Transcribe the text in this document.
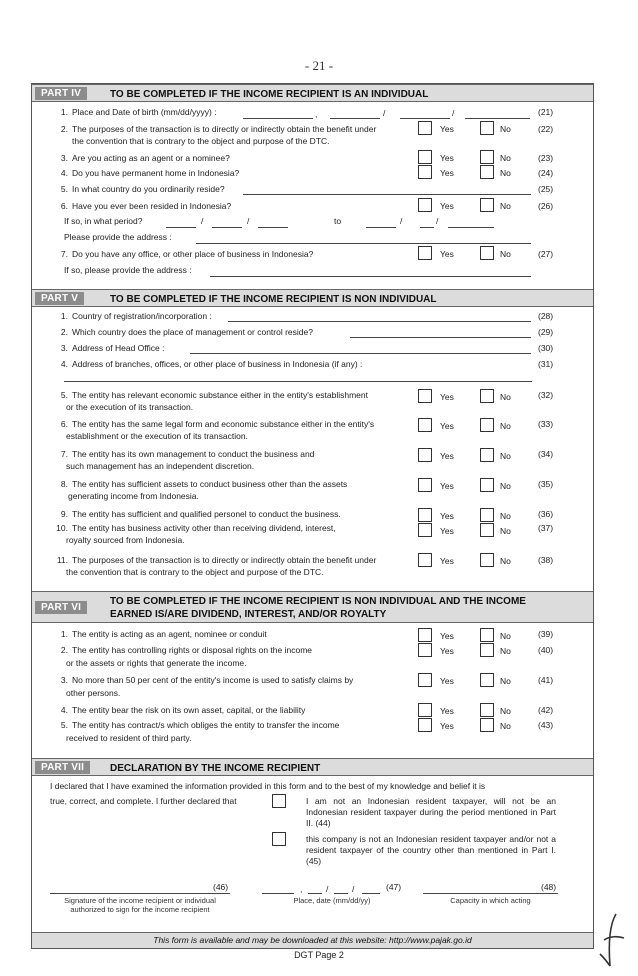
- 21 -
PART IV	TO BE COMPLETED IF THE INCOME RECIPIENT IS AN INDIVIDUAL
1. Place and Date of birth (mm/dd/yyyy) :	,	/	/	(21)
2. The purposes of the transaction is to directly or indirectly obtain the benefit under
the convention that is contrary to the object and purpose of the DTC.
Yes	No	(22)
3. Are you acting as an agent or a nominee?	Yes	No	(23)
4. Do you have permanent home in Indonesia?	Yes	No	(24)
5. In what country do you ordinarily reside?	(25)
6. Have you ever been resided in Indonesia?	Yes	No	(26)
If so, in what period?	/	/	to	/	/
Please provide the address :
7. Do you have any office, or other place of business in Indonesia?	Yes	No	(27)
If so, please provide the address :
PART V	TO BE COMPLETED IF THE INCOME RECIPIENT IS NON INDIVIDUAL
1. Country of registration/incorporation :	(28)
2. Which country does the place of management or control reside?	(29)
3. Address of Head Office :	(30)
4. Address of branches, offices, or other place of business in Indonesia (if any) :	(31)
5. The entity has relevant economic substance either in the entity's establishment
or the execution of its transaction.
Yes	No	(32)
6. The entity has the same legal form and economic substance either in the entity's
establishment or the execution of its transaction.
Yes	No	(33)
7. The entity has its own management to conduct the business and
such management has an independent discretion.
Yes	No	(34)
8. The entity has sufficient assets to conduct business other than the assets
generating income from Indonesia.
Yes	No	(35)
9. The entity has sufficient and qualified personel to conduct the business.	Yes	No	(36)
10. The entity has business activity other than receiving dividend, interest,
royalty sourced from Indonesia.
Yes	No	(37)
11. The purposes of the transaction is to directly or indirectly obtain the benefit under
the convention that is contrary to the object and purpose of the DTC.
Yes	No	(38)
PART VI
TO BE COMPLETED IF THE INCOME RECIPIENT IS NON INDIVIDUAL AND THE INCOME
EARNED IS/ARE DIVIDEND, INTEREST, AND/OR ROYALTY
1. The entity is acting as an agent, nominee or conduit	Yes	No	(39)
2. The entity has controlling rights or disposal rights on the income
or the assets or rights that generate the income.
Yes	No	(40)
3. No more than 50 per cent of the entity's income is used to satisfy claims by
other persons.
Yes	No	(41)
4. The entity bear the risk on its own asset, capital, or the liability	Yes	No	(42)
5. The entity has contract/s which obliges the entity to transfer the income
received to resident of third party.
Yes	No	(43)
PART VII	DECLARATION BY THE INCOME RECIPIENT
I declared that I have examined the information provided in this form and to the best of my knowledge and belief it is
true, correct, and complete. I further declared that	I am not an Indonesian resident taxpayer, will not be an Indonesian resident taxpayer during the period mentioned in Part II. (44)
this company is not an Indonesian resident taxpayer and/or not a resident taxpayer of the country other than mentioned in Part I. (45)
(46)
Signature of the income recipient or individual
authorized to sign for the income recipient
,	/	/	(47)
Place, date (mm/dd/yy)
(48)
Capacity in which acting
This form is available and may be downloaded at this website: http://www.pajak.go.id
DGT Page 2
